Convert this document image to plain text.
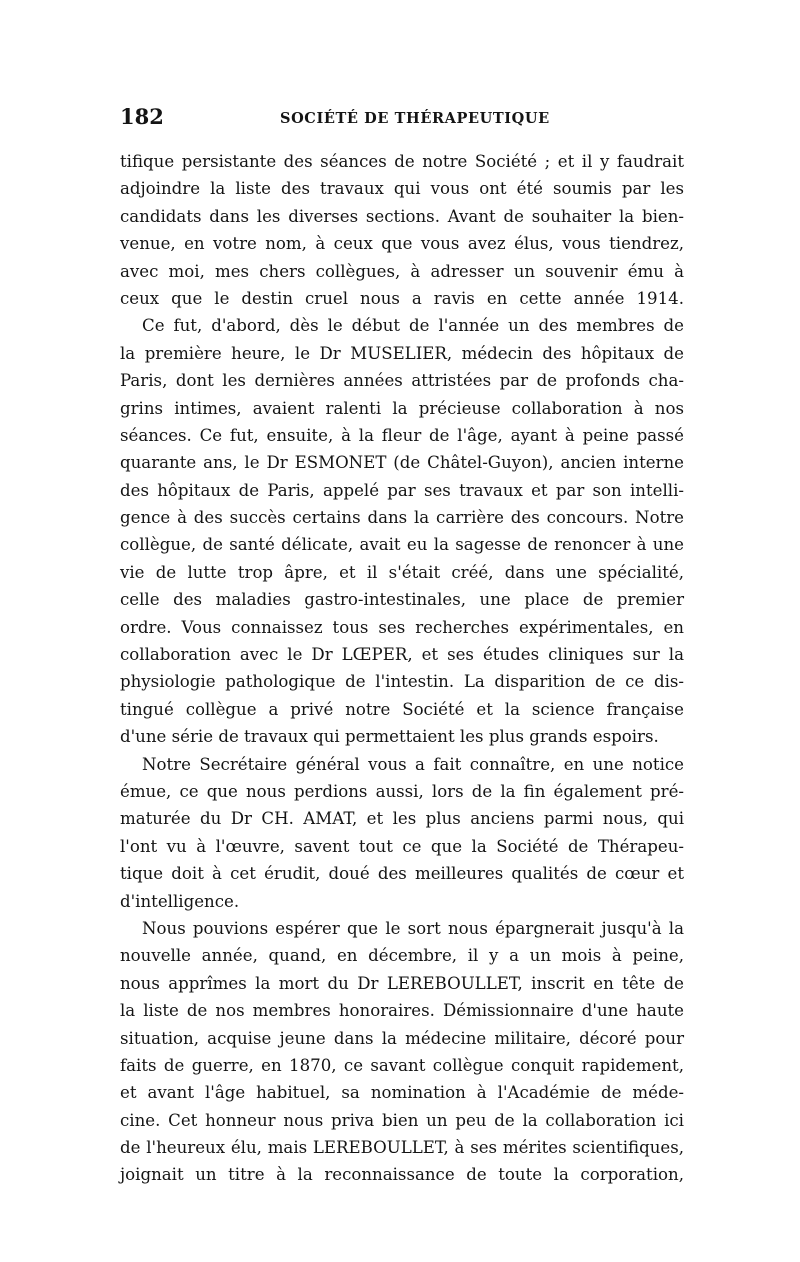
182	SOCIÉTÉ DE THÉRAPEUTIQUE
tifique persistante des séances de notre Société ; et il y faudrait
adjoindre la liste des travaux qui vous ont été soumis par les
candidats dans les diverses sections. Avant de souhaiter la bien-
venue, en votre nom, à ceux que vous avez élus, vous tiendrez,
avec moi, mes chers collègues, à adresser un souvenir ému à
ceux que le destin cruel nous a ravis en cette année 1914.
Ce fut, d'abord, dès le début de l'année un des membres de
la première heure, le Dr MUSELIER, médecin des hôpitaux de
Paris, dont les dernières années attristées par de profonds cha-
grins intimes, avaient ralenti la précieuse collaboration à nos
séances. Ce fut, ensuite, à la fleur de l'âge, ayant à peine passé
quarante ans, le Dr ESMONET (de Châtel-Guyon), ancien interne
des hôpitaux de Paris, appelé par ses travaux et par son intelli-
gence à des succès certains dans la carrière des concours. Notre
collègue, de santé délicate, avait eu la sagesse de renoncer à une
vie de lutte trop âpre, et il s'était créé, dans une spécialité,
celle des maladies gastro-intestinales, une place de premier
ordre. Vous connaissez tous ses recherches expérimentales, en
collaboration avec le Dr LŒPER, et ses études cliniques sur la
physiologie pathologique de l'intestin. La disparition de ce dis-
tingué collègue a privé notre Société et la science française
d'une série de travaux qui permettaient les plus grands espoirs.
Notre Secrétaire général vous a fait connaître, en une notice
émue, ce que nous perdions aussi, lors de la fin également pré-
maturée du Dr CH. AMAT, et les plus anciens parmi nous, qui
l'ont vu à l'œuvre, savent tout ce que la Société de Thérapeu-
tique doit à cet érudit, doué des meilleures qualités de cœur et
d'intelligence.
Nous pouvions espérer que le sort nous épargnerait jusqu'à la
nouvelle année, quand, en décembre, il y a un mois à peine,
nous apprîmes la mort du Dr LEREBOULLET, inscrit en tête de
la liste de nos membres honoraires. Démissionnaire d'une haute
situation, acquise jeune dans la médecine militaire, décoré pour
faits de guerre, en 1870, ce savant collègue conquit rapidement,
et avant l'âge habituel, sa nomination à l'Académie de méde-
cine. Cet honneur nous priva bien un peu de la collaboration ici
de l'heureux élu, mais LEREBOULLET, à ses mérites scientifiques,
joignait un titre à la reconnaissance de toute la corporation,
